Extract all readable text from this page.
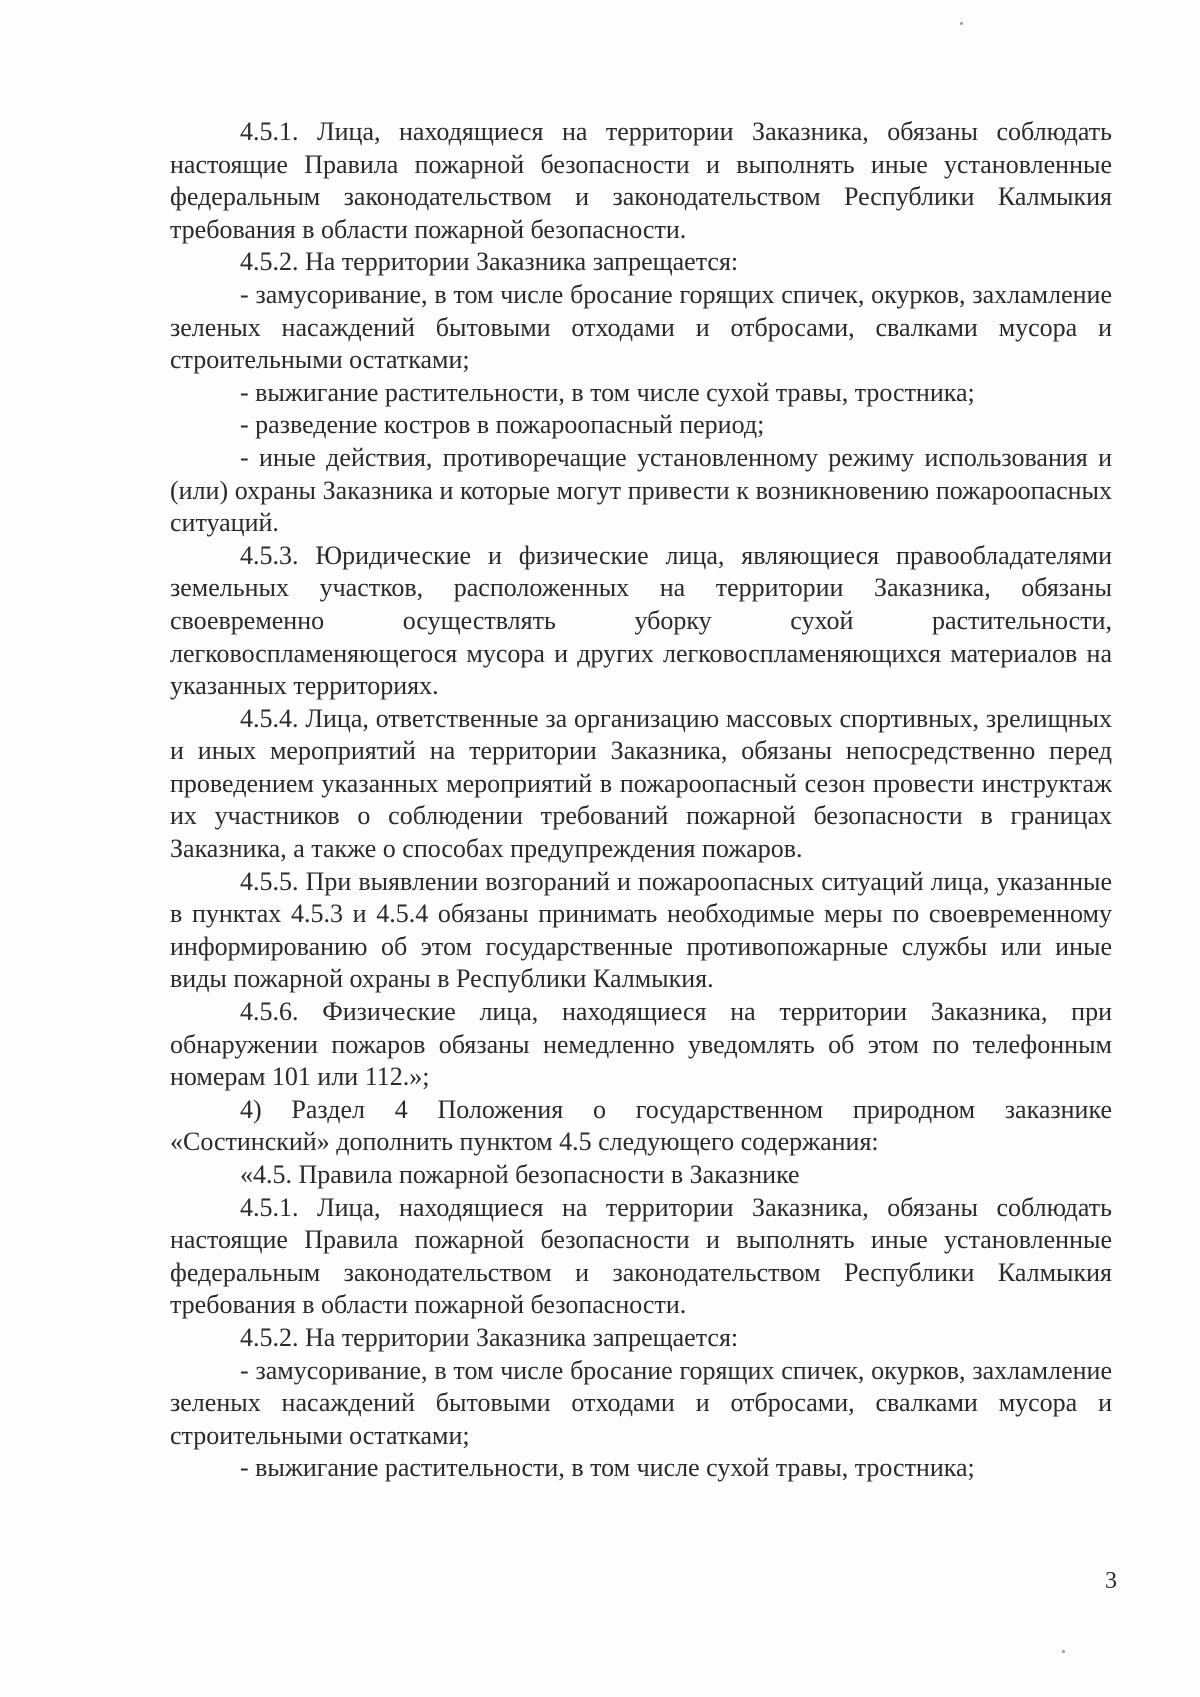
4.5.1. Лица, находящиеся на территории Заказника, обязаны соблюдать настоящие Правила пожарной безопасности и выполнять иные установленные федеральным законодательством и законодательством Республики Калмыкия требования в области пожарной безопасности.

4.5.2. На территории Заказника запрещается:

- замусоривание, в том числе бросание горящих спичек, окурков, захламление зеленых насаждений бытовыми отходами и отбросами, свалками мусора и строительными остатками;

- выжигание растительности, в том числе сухой травы, тростника;

- разведение костров в пожароопасный период;

- иные действия, противоречащие установленному режиму использования и (или) охраны Заказника и которые могут привести к возникновению пожароопасных ситуаций.

4.5.3. Юридические и физические лица, являющиеся правообладателями земельных участков, расположенных на территории Заказника, обязаны своевременно осуществлять уборку сухой растительности, легковоспламеняющегося мусора и других легковоспламеняющихся материалов на указанных территориях.

4.5.4. Лица, ответственные за организацию массовых спортивных, зрелищных и иных мероприятий на территории Заказника, обязаны непосредственно перед проведением указанных мероприятий в пожароопасный сезон провести инструктаж их участников о соблюдении требований пожарной безопасности в границах Заказника, а также о способах предупреждения пожаров.

4.5.5. При выявлении возгораний и пожароопасных ситуаций лица, указанные в пунктах 4.5.3 и 4.5.4 обязаны принимать необходимые меры по своевременному информированию об этом государственные противопожарные службы или иные виды пожарной охраны в Республики Калмыкия.

4.5.6. Физические лица, находящиеся на территории Заказника, при обнаружении пожаров обязаны немедленно уведомлять об этом по телефонным номерам 101 или 112.»;

4) Раздел 4 Положения о государственном природном заказнике «Состинский» дополнить пунктом 4.5 следующего содержания:

«4.5. Правила пожарной безопасности в Заказнике

4.5.1. Лица, находящиеся на территории Заказника, обязаны соблюдать настоящие Правила пожарной безопасности и выполнять иные установленные федеральным законодательством и законодательством Республики Калмыкия требования в области пожарной безопасности.

4.5.2. На территории Заказника запрещается:

- замусоривание, в том числе бросание горящих спичек, окурков, захламление зеленых насаждений бытовыми отходами и отбросами, свалками мусора и строительными остатками;

- выжигание растительности, в том числе сухой травы, тростника;

3
